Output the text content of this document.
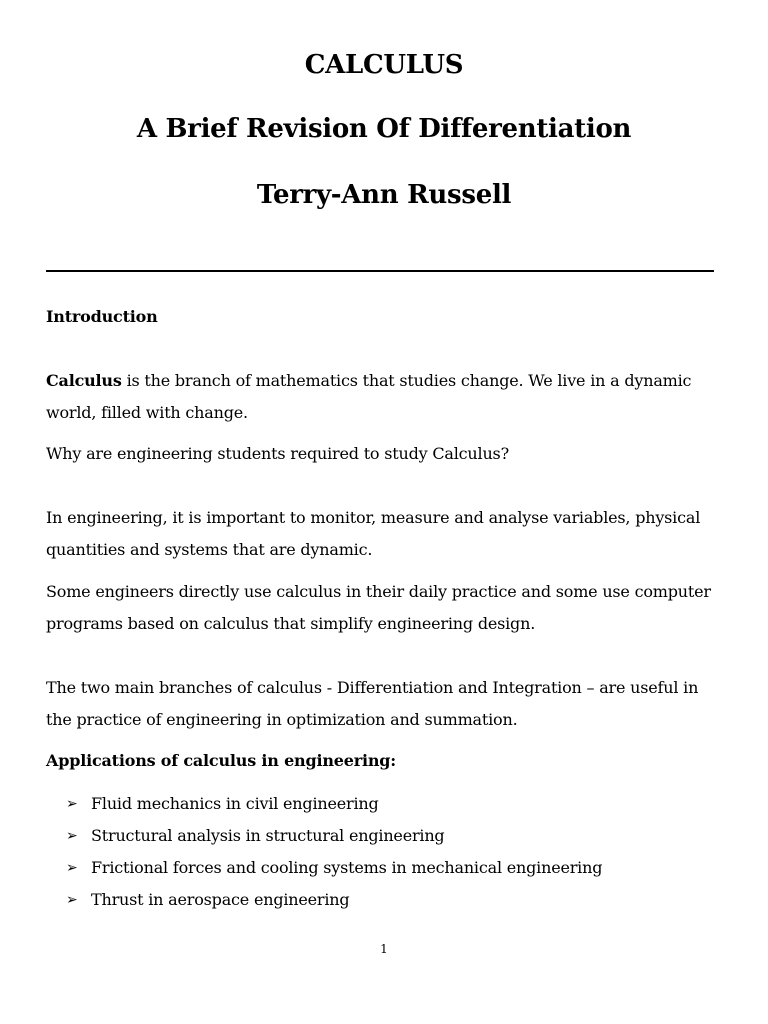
CALCULUS
A Brief Revision Of Differentiation
Terry-Ann Russell

Introduction

Calculus is the branch of mathematics that studies change. We live in a dynamic world, filled with change.

Why are engineering students required to study Calculus?

In engineering, it is important to monitor, measure and analyse variables, physical quantities and systems that are dynamic.

Some engineers directly use calculus in their daily practice and some use computer programs based on calculus that simplify engineering design.

The two main branches of calculus - Differentiation and Integration – are useful in the practice of engineering in optimization and summation.

Applications of calculus in engineering:

➢ Fluid mechanics in civil engineering
➢ Structural analysis in structural engineering
➢ Frictional forces and cooling systems in mechanical engineering
➢ Thrust in aerospace engineering
1
